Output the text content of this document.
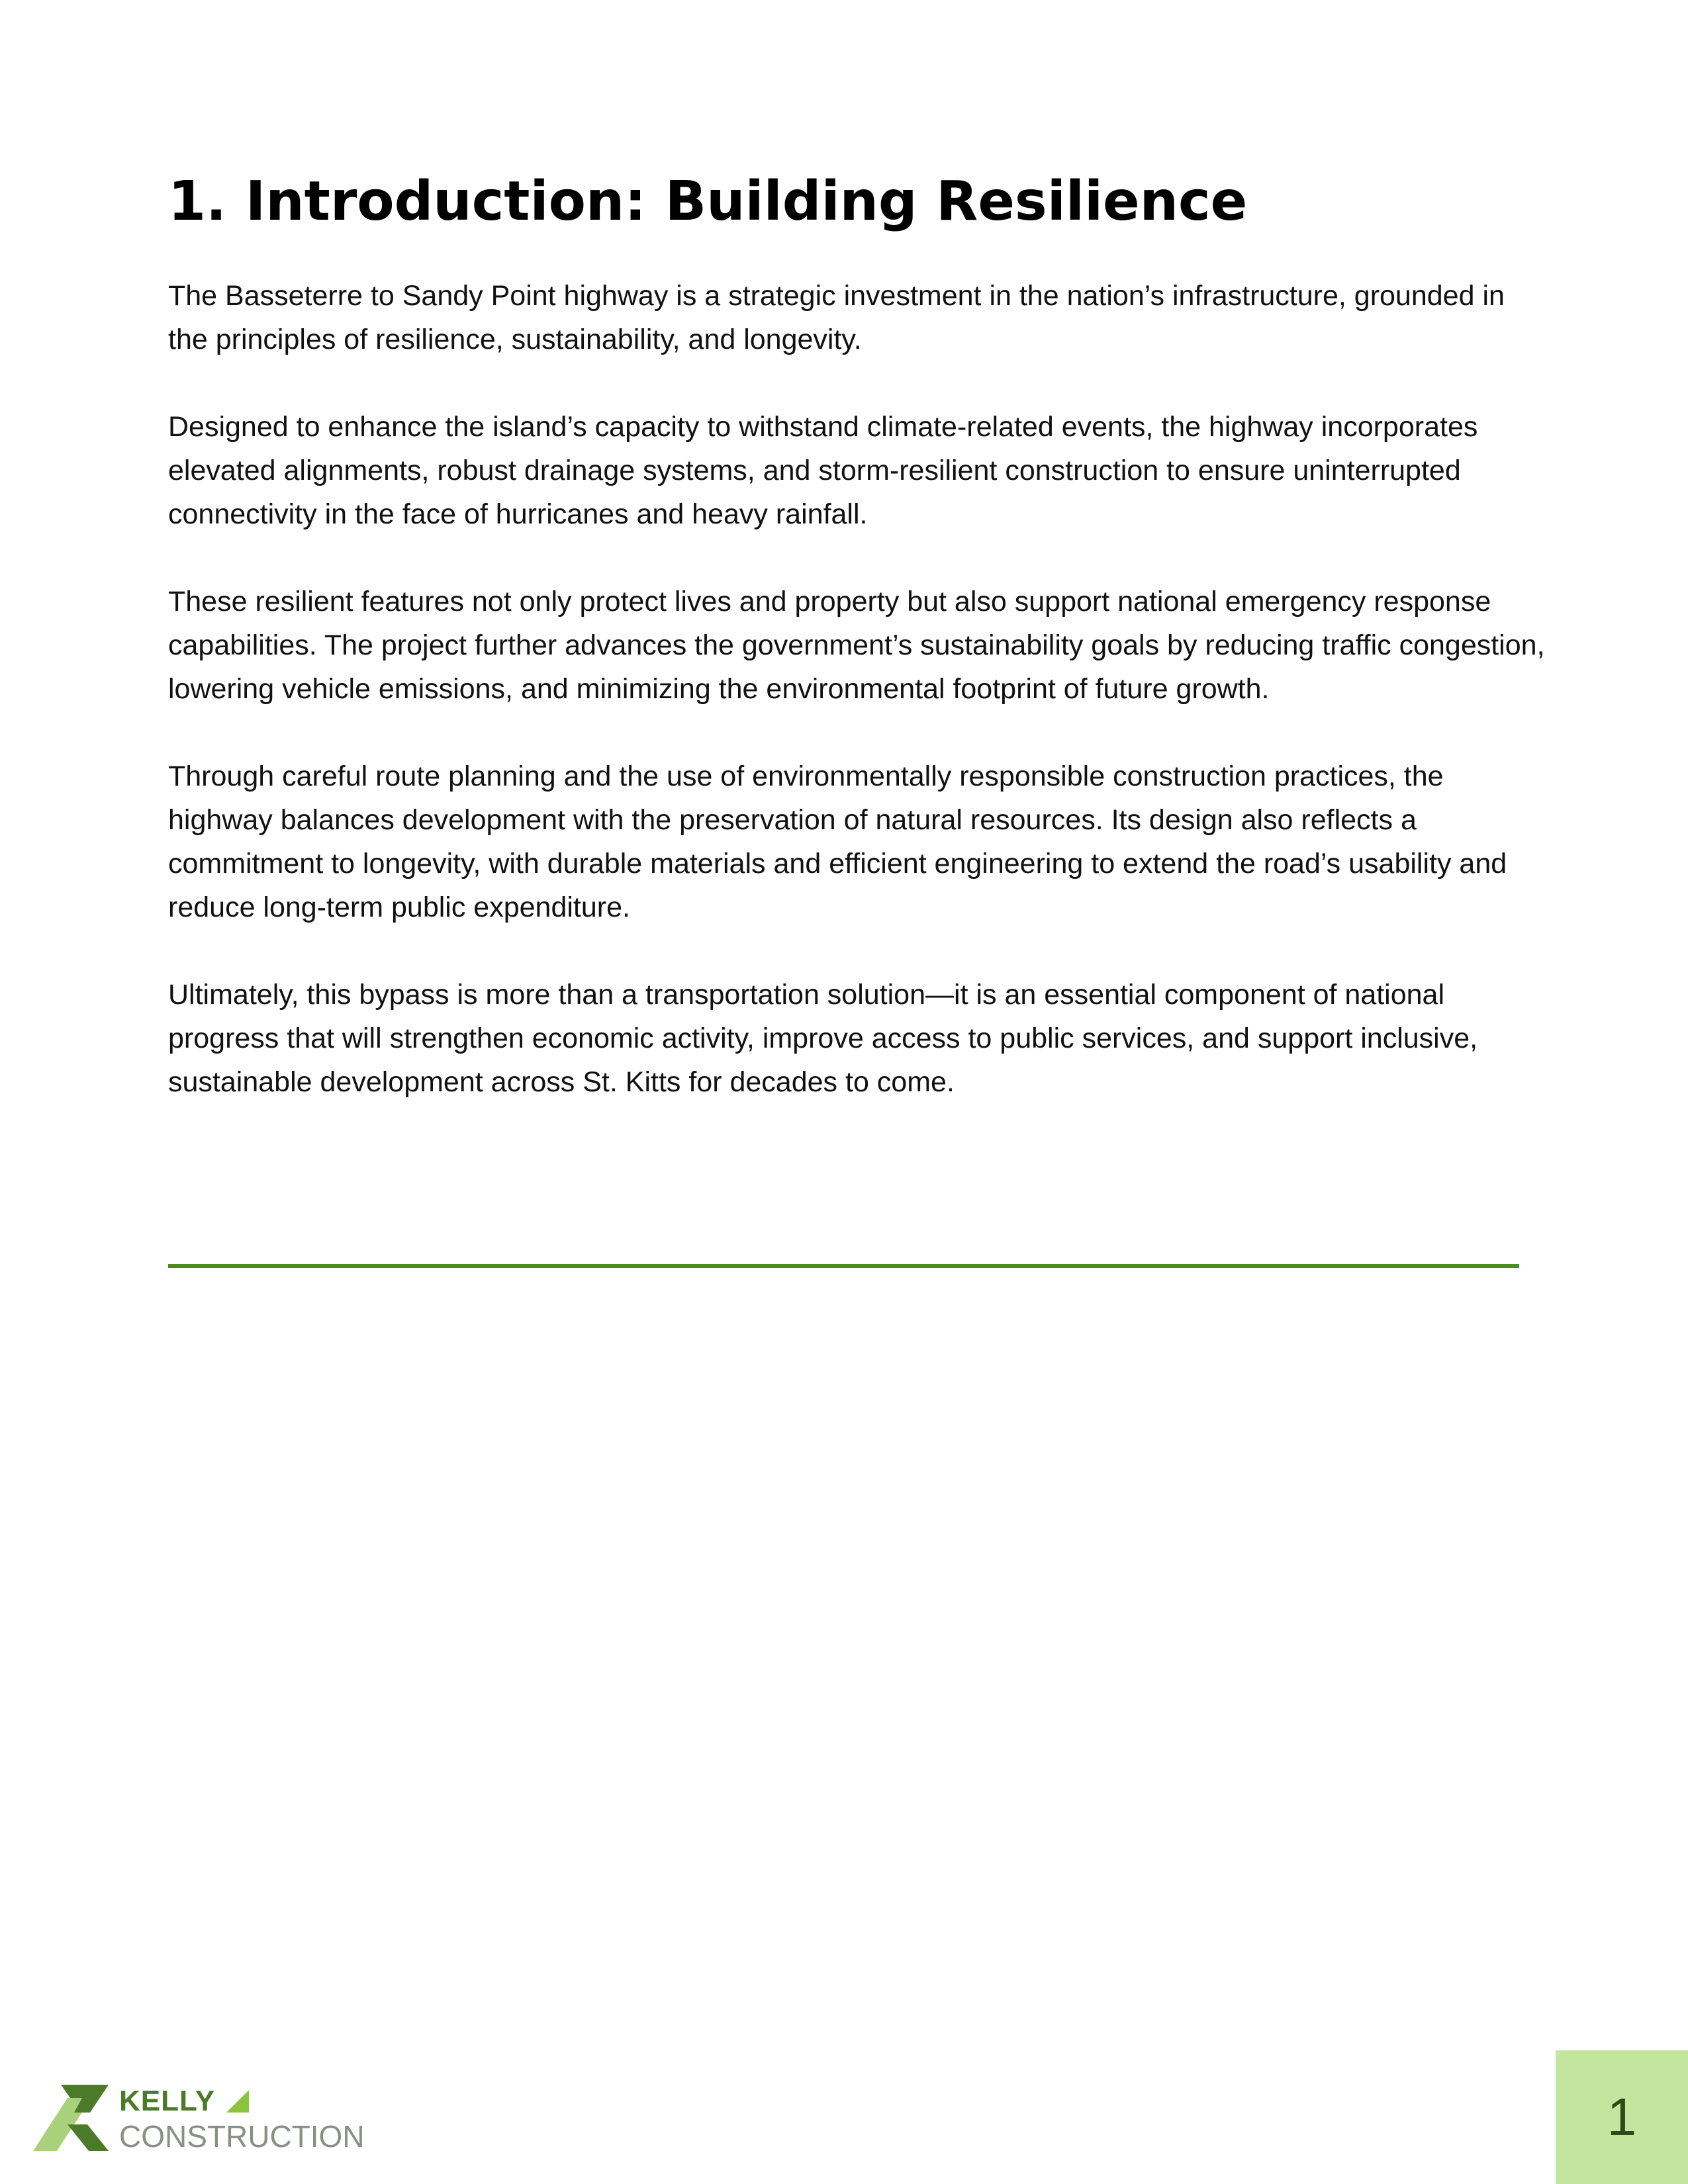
1. Introduction: Building Resilience

The Basseterre to Sandy Point highway is a strategic investment in the nation’s infrastructure, grounded in the principles of resilience, sustainability, and longevity.

Designed to enhance the island’s capacity to withstand climate-related events, the highway incorporates elevated alignments, robust drainage systems, and storm-resilient construction to ensure uninterrupted connectivity in the face of hurricanes and heavy rainfall.

These resilient features not only protect lives and property but also support national emergency response capabilities. The project further advances the government’s sustainability goals by reducing traffic congestion, lowering vehicle emissions, and minimizing the environmental footprint of future growth.

Through careful route planning and the use of environmentally responsible construction practices, the highway balances development with the preservation of natural resources. Its design also reflects a commitment to longevity, with durable materials and efficient engineering to extend the road’s usability and reduce long-term public expenditure.

Ultimately, this bypass is more than a transportation solution—it is an essential component of national progress that will strengthen economic activity, improve access to public services, and support inclusive, sustainable development across St. Kitts for decades to come.

KELLY
CONSTRUCTION	1
